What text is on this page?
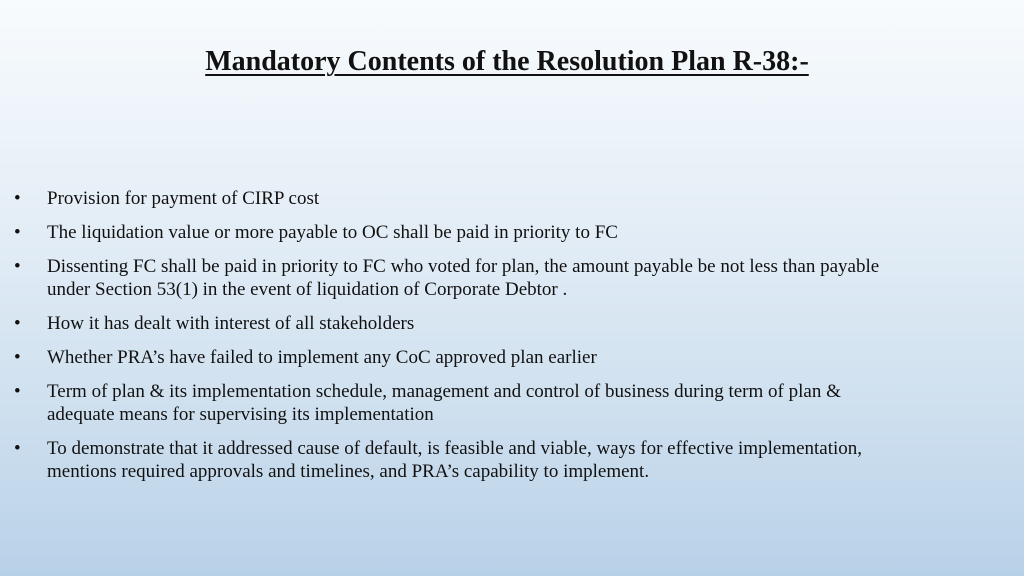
Mandatory Contents of the Resolution Plan R-38:-
•	Provision for payment of CIRP cost
•	The liquidation value or more payable to OC shall be paid in priority to FC
•	Dissenting FC shall be paid in priority to FC who voted for plan, the amount payable be not less than payable under Section 53(1) in the event of liquidation of Corporate Debtor .
•	How it has dealt with interest of all stakeholders
•	Whether PRA’s have failed to implement any CoC approved plan earlier
•	Term of plan & its implementation schedule, management and control of business during term of plan & adequate means for supervising its implementation
•	To demonstrate that it addressed cause of default, is feasible and viable, ways for effective implementation, mentions required approvals and timelines, and PRA’s capability to implement.
